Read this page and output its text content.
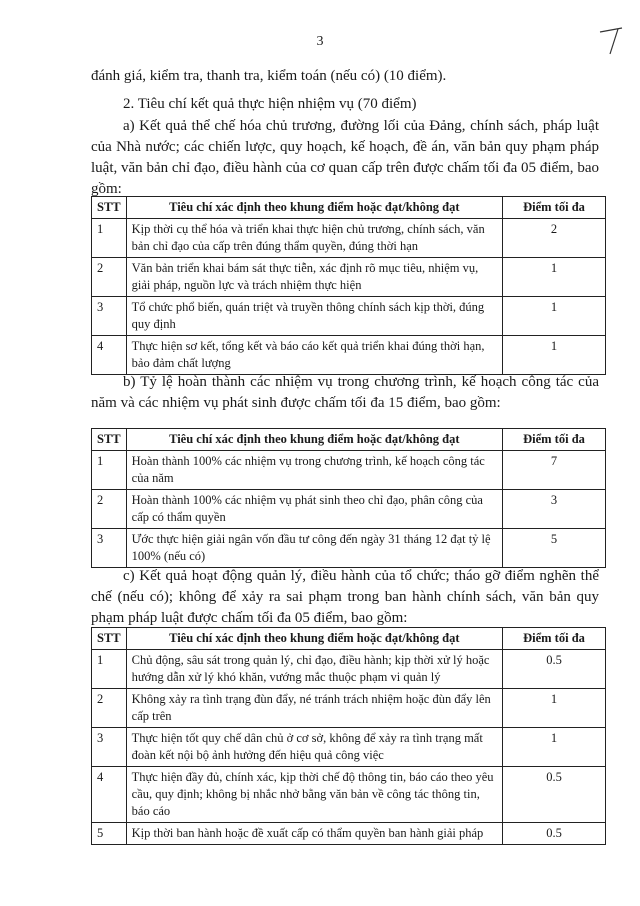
3
đánh giá, kiểm tra, thanh tra, kiểm toán (nếu có) (10 điểm).
2. Tiêu chí kết quả thực hiện nhiệm vụ (70 điểm)
a) Kết quả thể chế hóa chủ trương, đường lối của Đảng, chính sách, pháp luật của Nhà nước; các chiến lược, quy hoạch, kế hoạch, đề án, văn bản quy phạm pháp luật, văn bản chỉ đạo, điều hành của cơ quan cấp trên được chấm tối đa 05 điểm, bao gồm:
STT	Tiêu chí xác định theo khung điểm hoặc đạt/không đạt	Điểm tối đa
1	Kịp thời cụ thể hóa và triển khai thực hiện chủ trương, chính sách, văn bản chỉ đạo của cấp trên đúng thẩm quyền, đúng thời hạn	2
2	Văn bản triển khai bám sát thực tiễn, xác định rõ mục tiêu, nhiệm vụ, giải pháp, nguồn lực và trách nhiệm thực hiện	1
3	Tổ chức phổ biến, quán triệt và truyền thông chính sách kịp thời, đúng quy định	1
4	Thực hiện sơ kết, tổng kết và báo cáo kết quả triển khai đúng thời hạn, bảo đảm chất lượng	1
b) Tỷ lệ hoàn thành các nhiệm vụ trong chương trình, kế hoạch công tác của năm và các nhiệm vụ phát sinh được chấm tối đa 15 điểm, bao gồm:
STT	Tiêu chí xác định theo khung điểm hoặc đạt/không đạt	Điểm tối đa
1	Hoàn thành 100% các nhiệm vụ trong chương trình, kế hoạch công tác của năm	7
2	Hoàn thành 100% các nhiệm vụ phát sinh theo chỉ đạo, phân công của cấp có thẩm quyền	3
3	Ước thực hiện giải ngân vốn đầu tư công đến ngày 31 tháng 12 đạt tỷ lệ 100% (nếu có)	5
c) Kết quả hoạt động quản lý, điều hành của tổ chức; tháo gỡ điểm nghẽn thể chế (nếu có); không để xảy ra sai phạm trong ban hành chính sách, văn bản quy phạm pháp luật được chấm tối đa 05 điểm, bao gồm:
STT	Tiêu chí xác định theo khung điểm hoặc đạt/không đạt	Điểm tối đa
1	Chủ động, sâu sát trong quản lý, chỉ đạo, điều hành; kịp thời xử lý hoặc hướng dẫn xử lý khó khăn, vướng mắc thuộc phạm vi quản lý	0.5
2	Không xảy ra tình trạng đùn đẩy, né tránh trách nhiệm hoặc đùn đẩy lên cấp trên	1
3	Thực hiện tốt quy chế dân chủ ở cơ sở, không để xảy ra tình trạng mất đoàn kết nội bộ ảnh hưởng đến hiệu quả công việc	1
4	Thực hiện đầy đủ, chính xác, kịp thời chế độ thông tin, báo cáo theo yêu cầu, quy định; không bị nhắc nhở bằng văn bản về công tác thông tin, báo cáo	0.5
5	Kịp thời ban hành hoặc đề xuất cấp có thẩm quyền ban hành giải pháp	0.5
